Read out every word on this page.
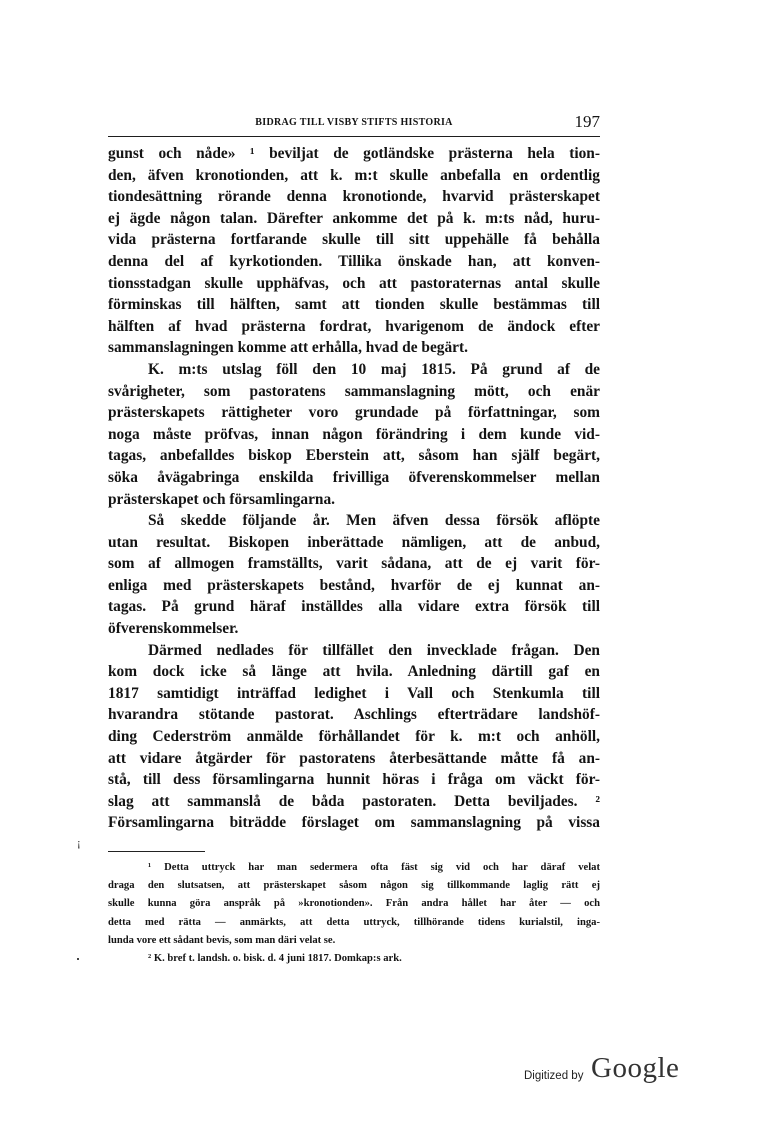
BIDRAG TILL VISBY STIFTS HISTORIA	197
gunst och nåde» ¹ beviljat de gotländske prästerna hela tion-
den, äfven kronotionden, att k. m:t skulle anbefalla en ordentlig
tiondesättning rörande denna kronotionde, hvarvid prästerskapet
ej ägde någon talan. Därefter ankomme det på k. m:ts nåd, huru-
vida prästerna fortfarande skulle till sitt uppehälle få behålla
denna del af kyrkotionden. Tillika önskade han, att konven-
tionsstadgan skulle upphäfvas, och att pastoraternas antal skulle
förminskas till hälften, samt att tionden skulle bestämmas till
hälften af hvad prästerna fordrat, hvarigenom de ändock efter
sammanslagningen komme att erhålla, hvad de begärt.
K. m:ts utslag föll den 10 maj 1815. På grund af de
svårigheter, som pastoratens sammanslagning mött, och enär
prästerskapets rättigheter voro grundade på författningar, som
noga måste pröfvas, innan någon förändring i dem kunde vid-
tagas, anbefalldes biskop Eberstein att, såsom han själf begärt,
söka åvägabringa enskilda frivilliga öfverenskommelser mellan
prästerskapet och församlingarna.
Så skedde följande år. Men äfven dessa försök aflöpte
utan resultat. Biskopen inberättade nämligen, att de anbud,
som af allmogen framställts, varit sådana, att de ej varit för-
enliga med prästerskapets bestånd, hvarför de ej kunnat an-
tagas. På grund häraf inställdes alla vidare extra försök till
öfverenskommelser.
Därmed nedlades för tillfället den invecklade frågan. Den
kom dock icke så länge att hvila. Anledning därtill gaf en
1817 samtidigt inträffad ledighet i Vall och Stenkumla till
hvarandra stötande pastorat. Aschlings efterträdare landshöf-
ding Cederström anmälde förhållandet för k. m:t och anhöll,
att vidare åtgärder för pastoratens återbesättande måtte få an-
stå, till dess församlingarna hunnit höras i fråga om väckt för-
slag att sammanslå de båda pastoraten. Detta beviljades. ²
Församlingarna biträdde förslaget om sammanslagning på vissa
¡
¹ Detta uttryck har man sedermera ofta fäst sig vid och har däraf velat
draga den slutsatsen, att prästerskapet såsom någon sig tillkommande laglig rätt ej
skulle kunna göra anspråk på »kronotionden». Från andra hållet har åter — och
detta med rätta — anmärkts, att detta uttryck, tillhörande tidens kurialstil, inga-
lunda vore ett sådant bevis, som man däri velat se.
² K. bref t. landsh. o. bisk. d. 4 juni 1817. Domkap:s ark.
Digitized by Google
